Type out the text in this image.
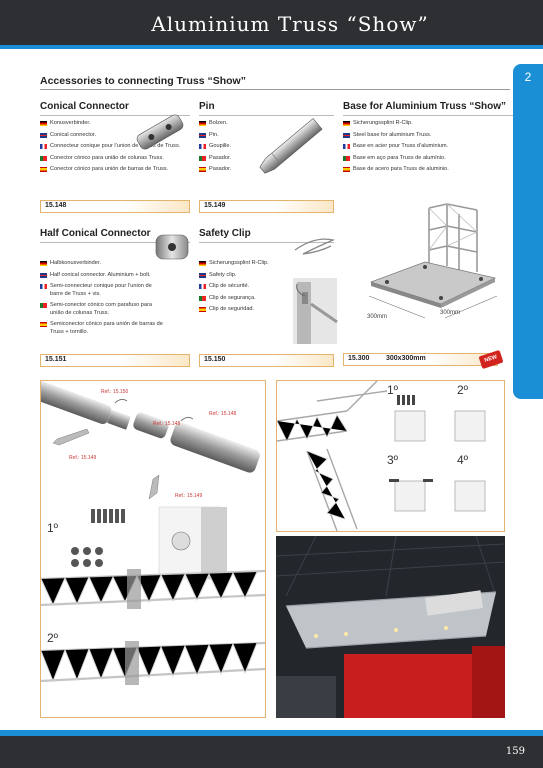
Aluminium Truss “Show”
2
Accessories to connecting Truss “Show”
Conical Connector
Konusverbinder.
Conical connector.
Connecteur conique pour l’union de barres de Truss.
Conector cónico para união de colunas Truss.
Conector cónico para unión de barras de Truss.
15.148
Pin
Bolzen.
Pin.
Goupille.
Pasador.
Pasador.
15.149
Base for Aluminium Truss “Show”
Sicherungssplint R-Clip.
Steel base for aluminium Truss.
Base en acier pour Truss d’aluminium.
Base em aço para Truss de alumínio.
Base de acero para Truss de aluminio.
300mm
300mm
15.300 300x300mm	NEW
Half Conical Connector
Halbkonusverbinder.
Half conical connector. Aluminium + bolt.
Semi-connecteur conique pour l’union de barre de Truss + vis.
Semi-conector cónico com parafuso para união de colunas Truss.
Semiconector cónico para unión de barras de Truss + tornillo.
15.151
Safety Clip
Sicherungssplint R-Clip.
Safety clip.
Clip de sécurité.
Clip de segurança.
Clip de seguridad.
15.150
Ref.: 15.150
Ref.: 15.148
Ref.: 15.148
Ref.: 15.149
Ref.: 15.149
1º
2º
1º	2º
3º	4º
159
